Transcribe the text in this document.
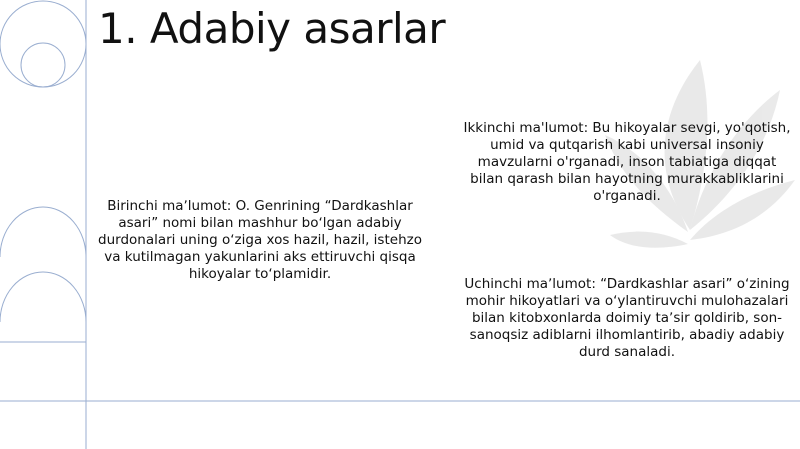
1. Adabiy asarlar
Birinchi maʼlumot: O. Genrining “Dardkashlar asari” nomi bilan mashhur boʻlgan adabiy durdonalari uning oʻziga xos hazil, hazil, istehzo va kutilmagan yakunlarini aks ettiruvchi qisqa hikoyalar toʻplamidir.
Ikkinchi ma'lumot: Bu hikoyalar sevgi, yo'qotish, umid va qutqarish kabi universal insoniy mavzularni o'rganadi, inson tabiatiga diqqat bilan qarash bilan hayotning murakkabliklarini o'rganadi.
Uchinchi maʼlumot: “Dardkashlar asari” oʻzining mohir hikoyatlari va oʻylantiruvchi mulohazalari bilan kitobxonlarda doimiy taʼsir qoldirib, son-sanoqsiz adiblarni ilhomlantirib, abadiy adabiy durd sanaladi.
